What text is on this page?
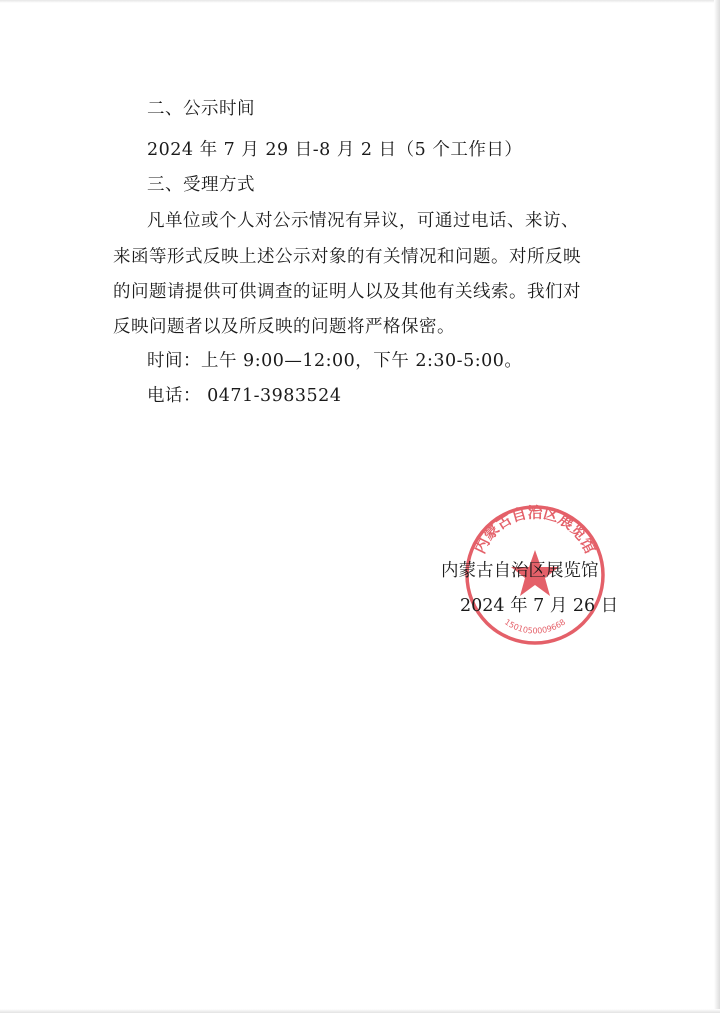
二、公示时间
2024 年 7 月 29 日-8 月 2 日（5 个工作日）
三、受理方式
凡单位或个人对公示情况有异议，可通过电话、来访、
来函等形式反映上述公示对象的有关情况和问题。对所反映
的问题请提供可供调查的证明人以及其他有关线索。我们对
反映问题者以及所反映的问题将严格保密。
时间：上午 9:00—12:00，下午 2:30-5:00。
电话： 0471-3983524
内蒙古自治区展览馆
1501050009668
内蒙古自治区展览馆
2024 年 7 月 26 日
